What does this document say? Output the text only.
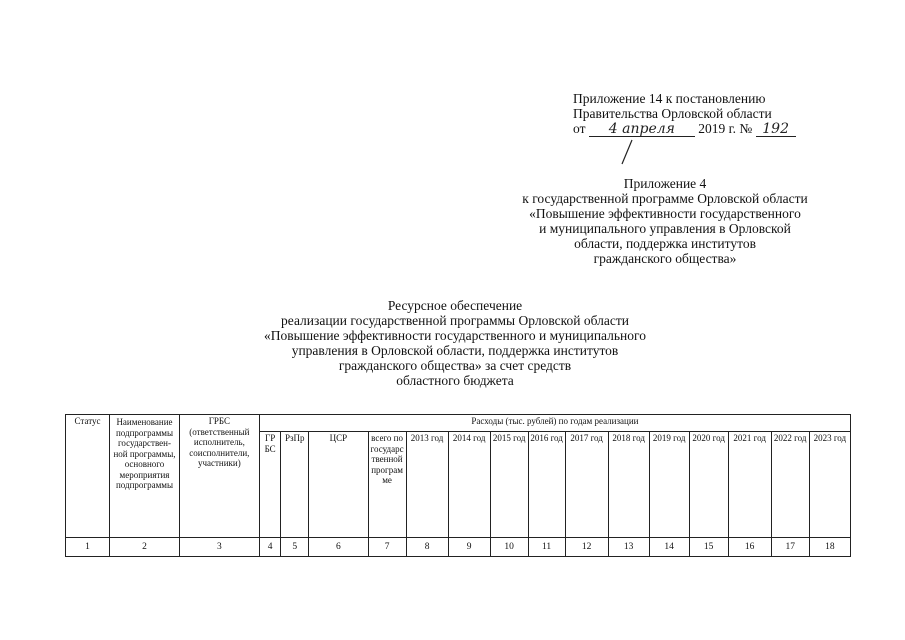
Приложение 14 к постановлению
Правительства Орловской области
от 4 апреля 2019 г. № 192
Приложение 4
к государственной программе Орловской области
«Повышение эффективности государственного
и муниципального управления в Орловской
области, поддержка институтов
гражданского общества»
Ресурсное обеспечение
реализации государственной программы Орловской области
«Повышение эффективности государственного и муниципального
управления в Орловской области, поддержка институтов
гражданского общества» за счет средств
областного бюджета
Статус	Наименование подпрограммы государствен-ной программы, основного мероприятия подпрограммы	ГРБС (ответственный исполнитель, соисполнители, участники)	Расходы (тыс. рублей) по годам реализации														
			ГР БС	РзПр	ЦСР	всего по государственной программе	2013 год	2014 год	2015 год	2016 год	2017 год	2018 год	2019 год	2020 год	2021 год	2022 год	2023 год
1	2	3	4	5	6	7	8	9	10	11	12	13	14	15	16	17	18
